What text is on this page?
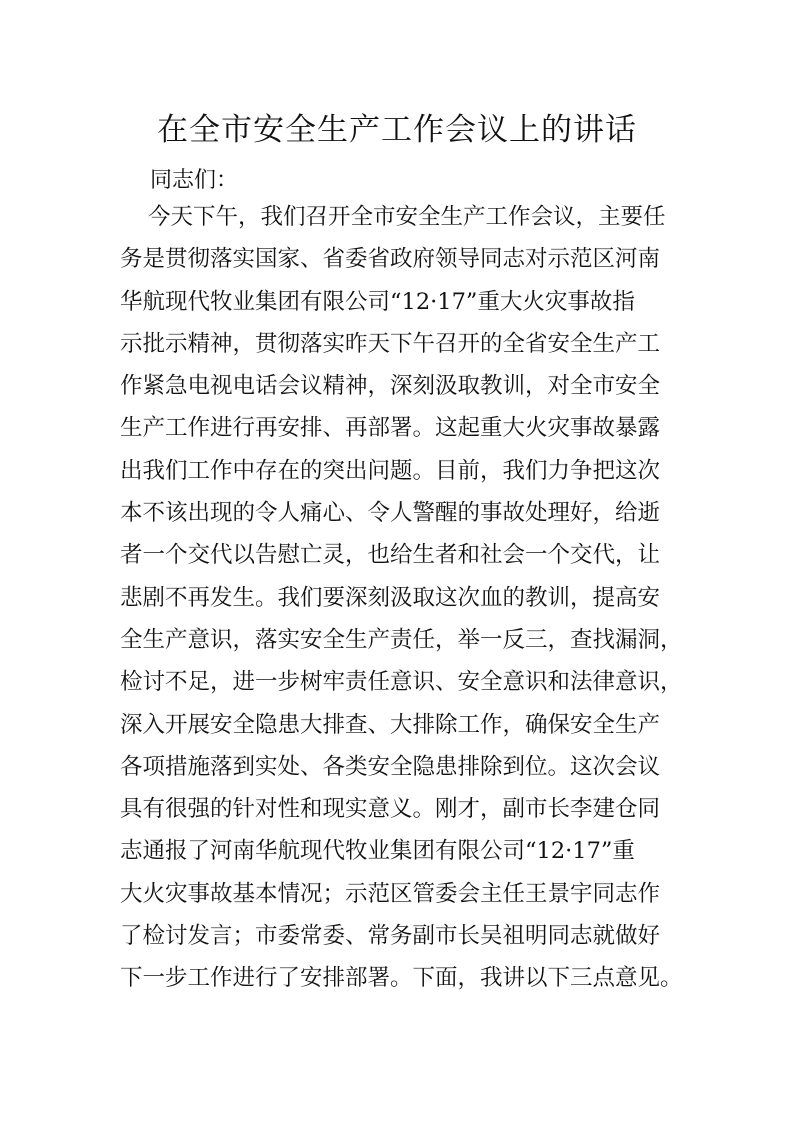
在全市安全生产工作会议上的讲话

同志们：

今天下午，我们召开全市安全生产工作会议，主要任
务是贯彻落实国家、省委省政府领导同志对示范区河南
华航现代牧业集团有限公司“12·17”重大火灾事故指
示批示精神，贯彻落实昨天下午召开的全省安全生产工
作紧急电视电话会议精神，深刻汲取教训，对全市安全
生产工作进行再安排、再部署。这起重大火灾事故暴露
出我们工作中存在的突出问题。目前，我们力争把这次
本不该出现的令人痛心、令人警醒的事故处理好，给逝
者一个交代以告慰亡灵，也给生者和社会一个交代，让
悲剧不再发生。我们要深刻汲取这次血的教训，提高安
全生产意识，落实安全生产责任，举一反三，查找漏洞，
检讨不足，进一步树牢责任意识、安全意识和法律意识，
深入开展安全隐患大排查、大排除工作，确保安全生产
各项措施落到实处、各类安全隐患排除到位。这次会议
具有很强的针对性和现实意义。刚才，副市长李建仓同
志通报了河南华航现代牧业集团有限公司“12·17”重
大火灾事故基本情况；示范区管委会主任王景宇同志作
了检讨发言；市委常委、常务副市长吴祖明同志就做好
下一步工作进行了安排部署。下面，我讲以下三点意见。
